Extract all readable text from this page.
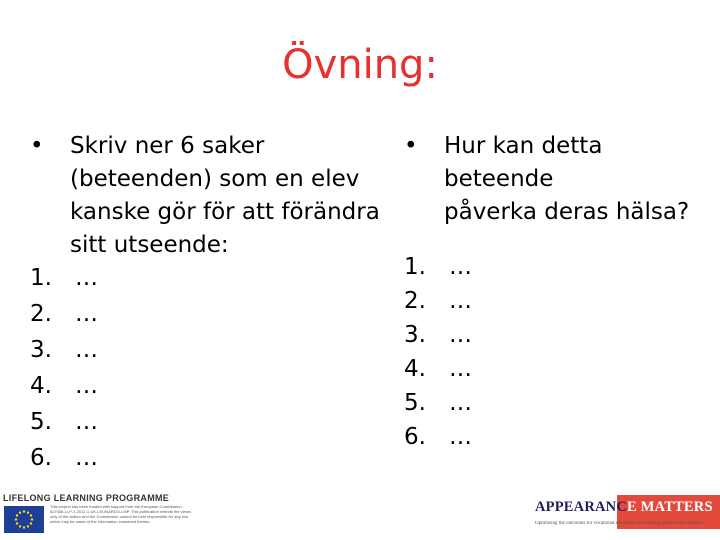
Övning:
• Skriv ner 6 saker
(beteenden) som en elev
kanske gör för att förändra
sitt utseende:
1. …
2. …
3. …
4. …
5. …
6. …
• Hur kan detta beteende
påverka deras hälsa?
1. …
2. …
3. …
4. …
5. …
6. …
LIFELONG LEARNING PROGRAMME
This project has been funded with support from the European Commission. 527408-LLP-1-2012-1-UK-LEONARDO-LMP. This publication reflects the views only of the author and the Commission cannot be held responsible for any use which may be made of the information contained therein.
APPEARANCE MATTERS
Optimising the outcomes for vocational education and training professional learners
